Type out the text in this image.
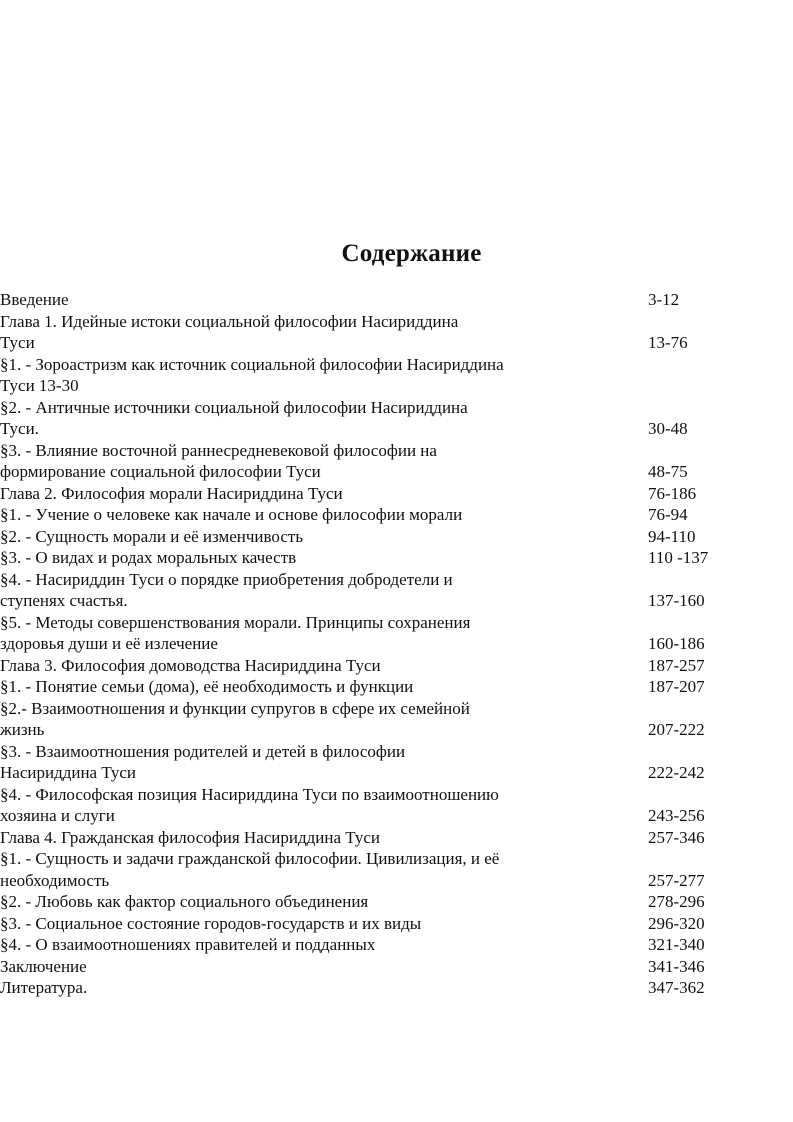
Содержание
Введение	3-12
Глава 1. Идейные истоки социальной философии Насириддина
Туси	13-76
§1. - Зороастризм как источник социальной философии Насириддина
Туси 13-30
§2. - Античные источники социальной философии Насириддина
Туси.	30-48
§3. - Влияние восточной раннесредневековой философии на
формирование социальной философии Туси	48-75
Глава 2. Философия морали Насириддина Туси	76-186
§1. - Учение о человеке как начале и основе философии морали	76-94
§2. - Сущность морали и её изменчивость	94-110
§3. - О видах и родах моральных качеств	110 -137
§4. - Насириддин Туси о порядке приобретения добродетели и
ступенях счастья.	137-160
§5. - Методы совершенствования морали. Принципы сохранения
здоровья души и её излечение	160-186
Глава 3. Философия домоводства Насириддина Туси	187-257
§1. - Понятие семьи (дома), её необходимость и функции	187-207
§2.- Взаимоотношения и функции супругов в сфере их семейной
жизнь	207-222
§3. - Взаимоотношения родителей и детей в философии
Насириддина Туси	222-242
§4. - Философская позиция Насириддина Туси по взаимоотношению
хозяина и слуги	243-256
Глава 4. Гражданская философия Насириддина Туси	257-346
§1. - Сущность и задачи гражданской философии. Цивилизация, и её
необходимость	257-277
§2. - Любовь как фактор социального объединения	278-296
§3. - Социальное состояние городов-государств и их виды	296-320
§4. - О взаимоотношениях правителей и подданных	321-340
Заключение	341-346
Литература.	347-362
